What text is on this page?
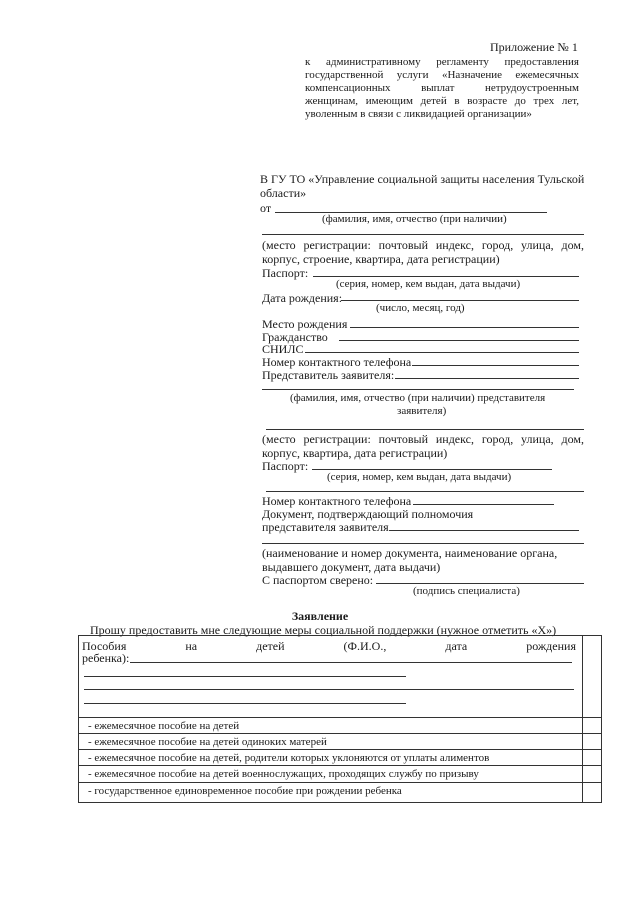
Приложение № 1
к административному регламенту предоставления
государственной услуги «Назначение ежемесячных
компенсационных выплат нетрудоустроенным
женщинам, имеющим детей в возрасте до трех лет,
уволенным в связи с ликвидацией организации»
В ГУ ТО «Управление социальной защиты населения Тульской
области»
от
(фамилия, имя, отчество (при наличии)
(место регистрации: почтовый индекс, город, улица, дом,
корпус, строение, квартира, дата регистрации)
Паспорт:
(серия, номер, кем выдан, дата выдачи)
Дата рождения:
(число, месяц, год)
Место рождения
Гражданство
СНИЛС
Номер контактного телефона
Представитель заявителя:
(фамилия, имя, отчество (при наличии) представителя
заявителя)
(место регистрации: почтовый индекс, город, улица, дом,
корпус, квартира, дата регистрации)
Паспорт:
(серия, номер, кем выдан, дата выдачи)
Номер контактного телефона
Документ, подтверждающий полномочия
представителя заявителя
(наименование и номер документа, наименование органа,
выдавшего документ, дата выдачи)
С паспортом сверено:
(подпись специалиста)
Заявление
Прошу предоставить мне следующие меры социальной поддержки (нужное отметить «Х»)
Пособия	на	детей	(Ф.И.О.,	дата	рождения
ребенка):
- ежемесячное пособие на детей
- ежемесячное пособие на детей одиноких матерей
- ежемесячное пособие на детей, родители которых уклоняются от уплаты алиментов
- ежемесячное пособие на детей военнослужащих, проходящих службу по призыву
- государственное единовременное пособие при рождении ребенка
